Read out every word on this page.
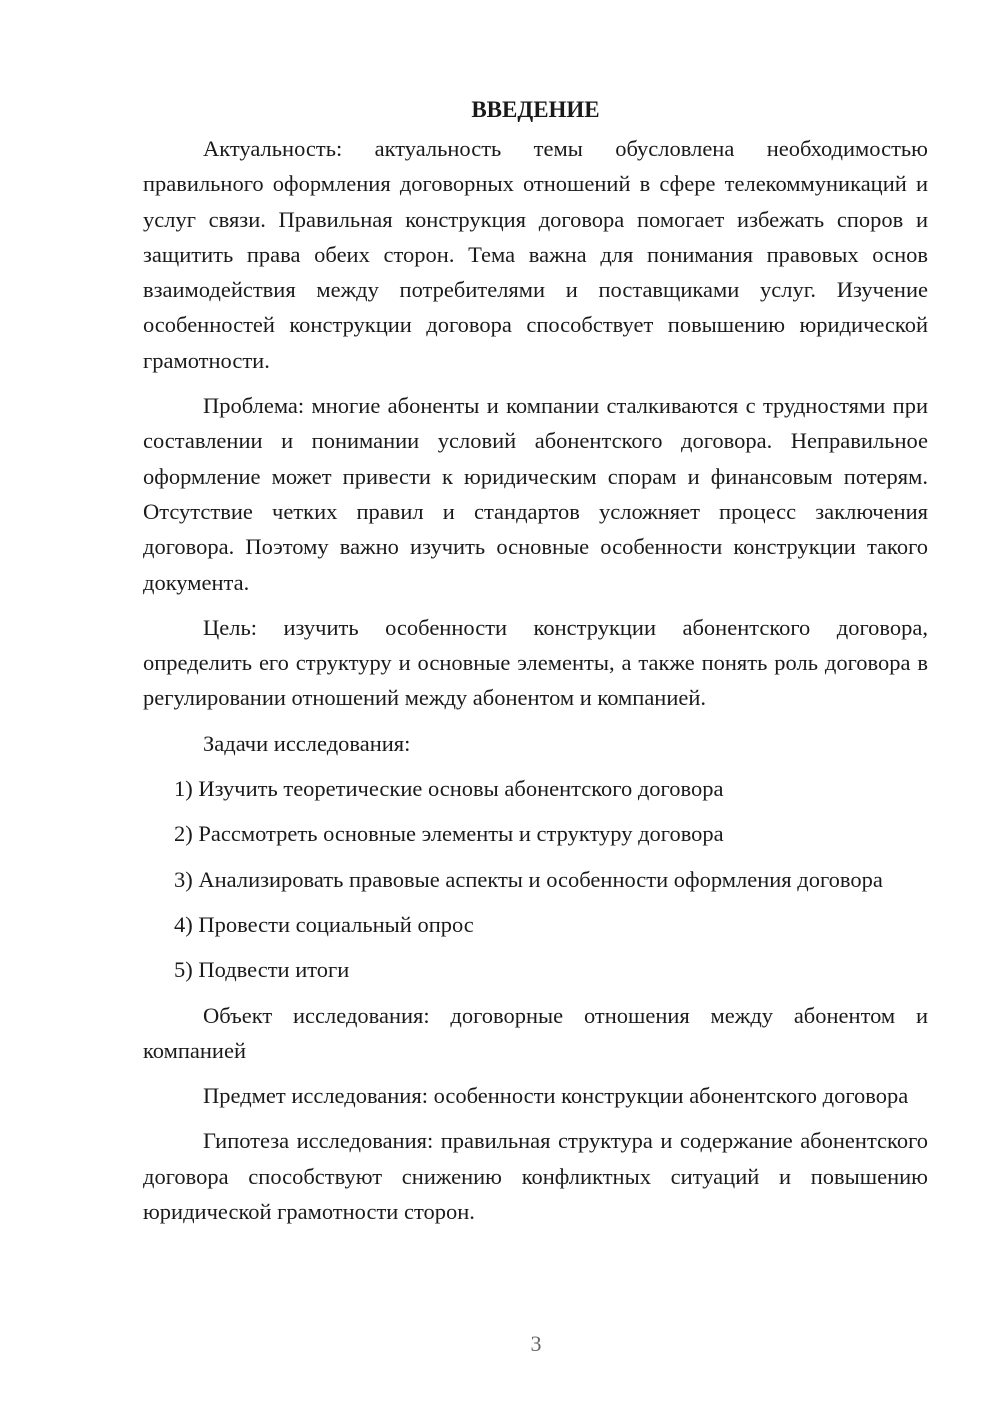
ВВЕДЕНИЕ

Актуальность: актуальность темы обусловлена необходимостью правильного оформления договорных отношений в сфере телекоммуникаций и услуг связи. Правильная конструкция договора помогает избежать споров и защитить права обеих сторон. Тема важна для понимания правовых основ взаимодействия между потребителями и поставщиками услуг. Изучение особенностей конструкции договора способствует повышению юридической грамотности.

Проблема: многие абоненты и компании сталкиваются с трудностями при составлении и понимании условий абонентского договора. Неправильное оформление может привести к юридическим спорам и финансовым потерям. Отсутствие четких правил и стандартов усложняет процесс заключения договора. Поэтому важно изучить основные особенности конструкции такого документа.

Цель: изучить особенности конструкции абонентского договора, определить его структуру и основные элементы, а также понять роль договора в регулировании отношений между абонентом и компанией.

Задачи исследования:

1) Изучить теоретические основы абонентского договора

2) Рассмотреть основные элементы и структуру договора

3) Анализировать правовые аспекты и особенности оформления договора

4) Провести социальный опрос

5) Подвести итоги

Объект исследования: договорные отношения между абонентом и компанией

Предмет исследования: особенности конструкции абонентского договора

Гипотеза исследования: правильная структура и содержание абонентского договора способствуют снижению конфликтных ситуаций и повышению юридической грамотности сторон.

3
